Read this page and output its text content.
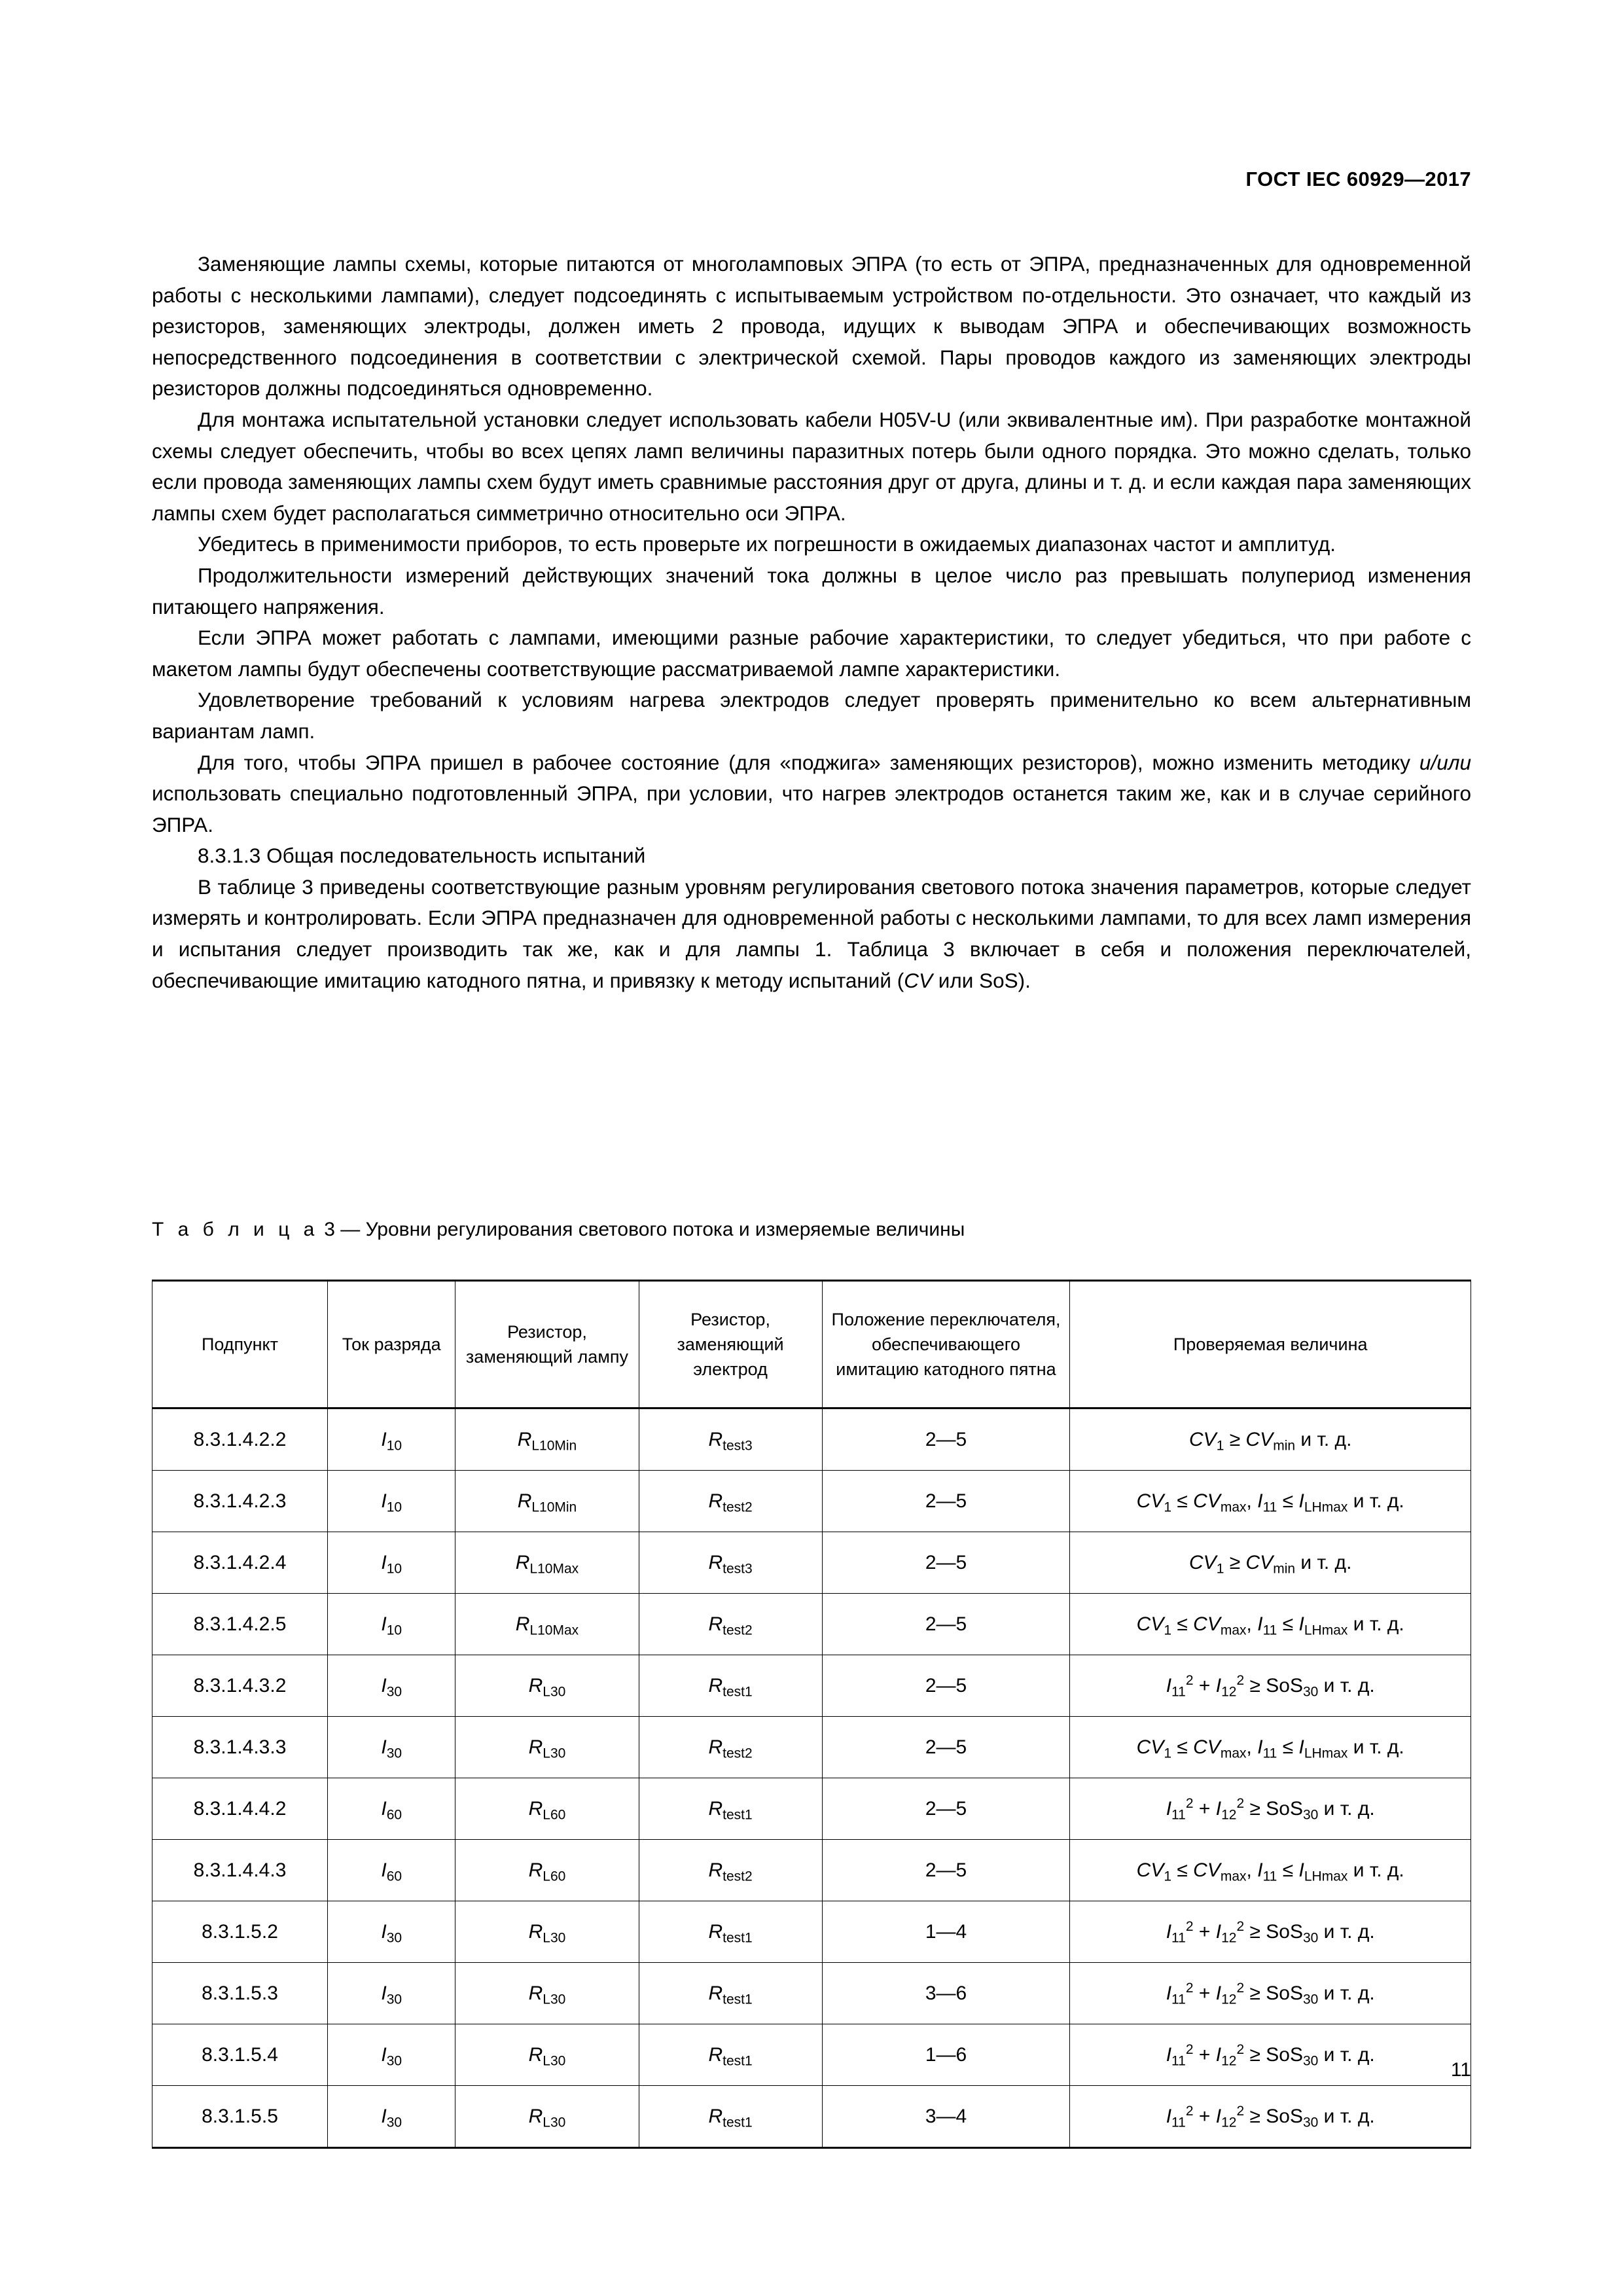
ГОСТ IEC 60929—2017

Заменяющие лампы схемы, которые питаются от многоламповых ЭПРА (то есть от ЭПРА, предназначенных для одновременной работы с несколькими лампами), следует подсоединять с испытываемым устройством по-отдельности. Это означает, что каждый из резисторов, заменяющих электроды, должен иметь 2 провода, идущих к выводам ЭПРА и обеспечивающих возможность непосредственного подсоединения в соответствии с электрической схемой. Пары проводов каждого из заменяющих электроды резисторов должны подсоединяться одновременно.

Для монтажа испытательной установки следует использовать кабели H05V-U (или эквивалентные им). При разработке монтажной схемы следует обеспечить, чтобы во всех цепях ламп величины паразитных потерь были одного порядка. Это можно сделать, только если провода заменяющих лампы схем будут иметь сравнимые расстояния друг от друга, длины и т. д. и если каждая пара заменяющих лампы схем будет располагаться симметрично относительно оси ЭПРА.

Убедитесь в применимости приборов, то есть проверьте их погрешности в ожидаемых диапазонах частот и амплитуд.

Продолжительности измерений действующих значений тока должны в целое число раз превышать полупериод изменения питающего напряжения.

Если ЭПРА может работать с лампами, имеющими разные рабочие характеристики, то следует убедиться, что при работе с макетом лампы будут обеспечены соответствующие рассматриваемой лампе характеристики.

Удовлетворение требований к условиям нагрева электродов следует проверять применительно ко всем альтернативным вариантам ламп.

Для того, чтобы ЭПРА пришел в рабочее состояние (для «поджига» заменяющих резисторов), можно изменить методику и/или использовать специально подготовленный ЭПРА, при условии, что нагрев электродов останется таким же, как и в случае серийного ЭПРА.

8.3.1.3 Общая последовательность испытаний

В таблице 3 приведены соответствующие разным уровням регулирования светового потока значения параметров, которые следует измерять и контролировать. Если ЭПРА предназначен для одновременной работы с несколькими лампами, то для всех ламп измерения и испытания следует производить так же, как и для лампы 1. Таблица 3 включает в себя и положения переключателей, обеспечивающие имитацию катодного пятна, и привязку к методу испытаний (CV или SoS).

Т а б л и ц а 3 — Уровни регулирования светового потока и измеряемые величины
Подпункт	Ток разряда	Резистор, заменяющий лампу	Резистор, заменяющий электрод	Положение переключателя, обеспечивающего имитацию катодного пятна	Проверяемая величина
8.3.1.4.2.2	$I_{10}$	$R_{L10Min}$	$R_{test3}$	2—5	$CV_1 \ge CV_{min}$ и т. д.
8.3.1.4.2.3	$I_{10}$	$R_{L10Min}$	$R_{test2}$	2—5	$CV_1 \le CV_{max}$, $I_{11} \le I_{LHmax}$ и т. д.
8.3.1.4.2.4	$I_{10}$	$R_{L10Max}$	$R_{test3}$	2—5	$CV_1 \ge CV_{min}$ и т. д.
8.3.1.4.2.5	$I_{10}$	$R_{L10Max}$	$R_{test2}$	2—5	$CV_1 \le CV_{max}$, $I_{11} \le I_{LHmax}$ и т. д.
8.3.1.4.3.2	$I_{30}$	$R_{L30}$	$R_{test1}$	2—5	$I_{11}^2 + I_{12}^2 \ge SoS_{30}$ и т. д.
8.3.1.4.3.3	$I_{30}$	$R_{L30}$	$R_{test2}$	2—5	$CV_1 \le CV_{max}$, $I_{11} \le I_{LHmax}$ и т. д.
8.3.1.4.4.2	$I_{60}$	$R_{L60}$	$R_{test1}$	2—5	$I_{11}^2 + I_{12}^2 \ge SoS_{30}$ и т. д.
8.3.1.4.4.3	$I_{60}$	$R_{L60}$	$R_{test2}$	2—5	$CV_1 \le CV_{max}$, $I_{11} \le I_{LHmax}$ и т. д.
8.3.1.5.2	$I_{30}$	$R_{L30}$	$R_{test1}$	1—4	$I_{11}^2 + I_{12}^2 \ge SoS_{30}$ и т. д.
8.3.1.5.3	$I_{30}$	$R_{L30}$	$R_{test1}$	3—6	$I_{11}^2 + I_{12}^2 \ge SoS_{30}$ и т. д.
8.3.1.5.4	$I_{30}$	$R_{L30}$	$R_{test1}$	1—6	$I_{11}^2 + I_{12}^2 \ge SoS_{30}$ и т. д.
8.3.1.5.5	$I_{30}$	$R_{L30}$	$R_{test1}$	3—4	$I_{11}^2 + I_{12}^2 \ge SoS_{30}$ и т. д.
11
